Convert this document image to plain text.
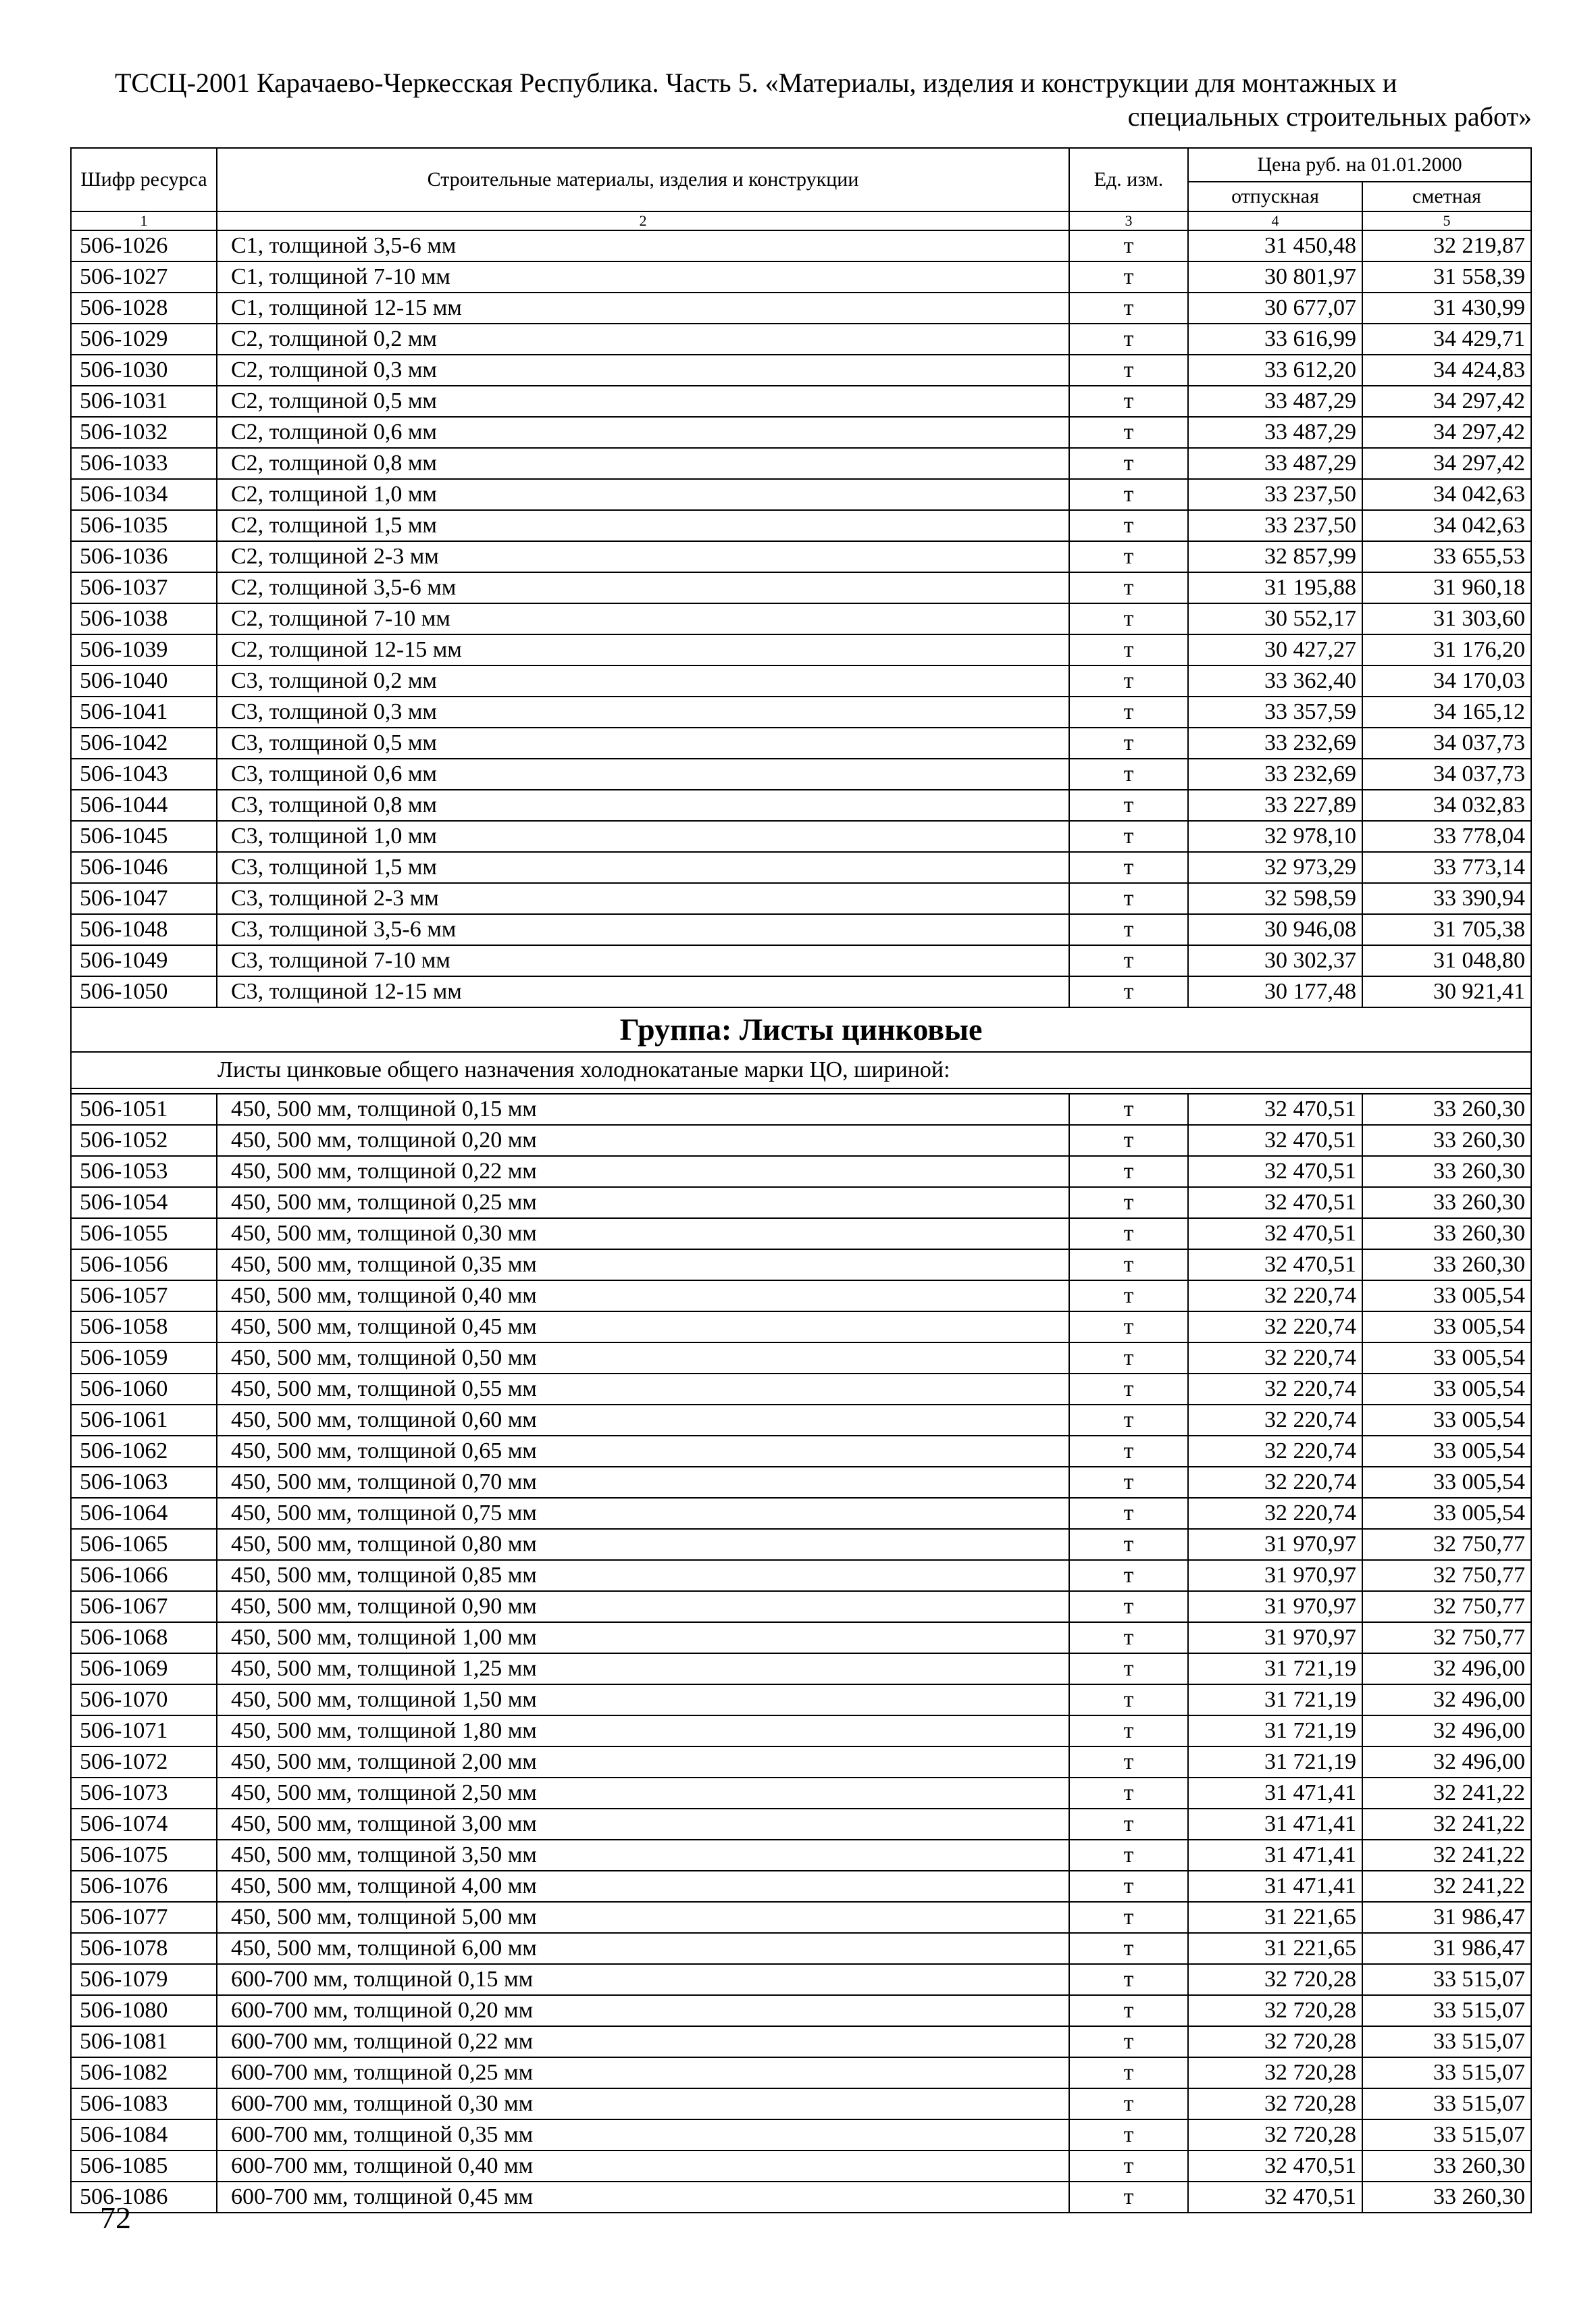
ТССЦ-2001 Карачаево-Черкесская Республика. Часть 5. «Материалы, изделия и конструкции для монтажных и
специальных строительных работ»
Шифр ресурса	Строительные материалы, изделия и конструкции	Ед. изм.	Цена руб. на 01.01.2000	
			отпускная	сметная
1	2	3	4	5
506-1026	С1, толщиной 3,5-6 мм	т	31 450,48	32 219,87
506-1027	С1, толщиной 7-10 мм	т	30 801,97	31 558,39
506-1028	С1, толщиной 12-15 мм	т	30 677,07	31 430,99
506-1029	С2, толщиной 0,2 мм	т	33 616,99	34 429,71
506-1030	С2, толщиной 0,3 мм	т	33 612,20	34 424,83
506-1031	С2, толщиной 0,5 мм	т	33 487,29	34 297,42
506-1032	С2, толщиной 0,6 мм	т	33 487,29	34 297,42
506-1033	С2, толщиной 0,8 мм	т	33 487,29	34 297,42
506-1034	С2, толщиной 1,0 мм	т	33 237,50	34 042,63
506-1035	С2, толщиной 1,5 мм	т	33 237,50	34 042,63
506-1036	С2, толщиной 2-3 мм	т	32 857,99	33 655,53
506-1037	С2, толщиной 3,5-6 мм	т	31 195,88	31 960,18
506-1038	С2, толщиной 7-10 мм	т	30 552,17	31 303,60
506-1039	С2, толщиной 12-15 мм	т	30 427,27	31 176,20
506-1040	С3, толщиной 0,2 мм	т	33 362,40	34 170,03
506-1041	С3, толщиной 0,3 мм	т	33 357,59	34 165,12
506-1042	С3, толщиной 0,5 мм	т	33 232,69	34 037,73
506-1043	С3, толщиной 0,6 мм	т	33 232,69	34 037,73
506-1044	С3, толщиной 0,8 мм	т	33 227,89	34 032,83
506-1045	С3, толщиной 1,0 мм	т	32 978,10	33 778,04
506-1046	С3, толщиной 1,5 мм	т	32 973,29	33 773,14
506-1047	С3, толщиной 2-3 мм	т	32 598,59	33 390,94
506-1048	С3, толщиной 3,5-6 мм	т	30 946,08	31 705,38
506-1049	С3, толщиной 7-10 мм	т	30 302,37	31 048,80
506-1050	С3, толщиной 12-15 мм	т	30 177,48	30 921,41
Группа: Листы цинковые				
Листы цинковые общего назначения холоднокатаные марки ЦО, шириной:				

506-1051	450, 500 мм, толщиной 0,15 мм	т	32 470,51	33 260,30
506-1052	450, 500 мм, толщиной 0,20 мм	т	32 470,51	33 260,30
506-1053	450, 500 мм, толщиной 0,22 мм	т	32 470,51	33 260,30
506-1054	450, 500 мм, толщиной 0,25 мм	т	32 470,51	33 260,30
506-1055	450, 500 мм, толщиной 0,30 мм	т	32 470,51	33 260,30
506-1056	450, 500 мм, толщиной 0,35 мм	т	32 470,51	33 260,30
506-1057	450, 500 мм, толщиной 0,40 мм	т	32 220,74	33 005,54
506-1058	450, 500 мм, толщиной 0,45 мм	т	32 220,74	33 005,54
506-1059	450, 500 мм, толщиной 0,50 мм	т	32 220,74	33 005,54
506-1060	450, 500 мм, толщиной 0,55 мм	т	32 220,74	33 005,54
506-1061	450, 500 мм, толщиной 0,60 мм	т	32 220,74	33 005,54
506-1062	450, 500 мм, толщиной 0,65 мм	т	32 220,74	33 005,54
506-1063	450, 500 мм, толщиной 0,70 мм	т	32 220,74	33 005,54
506-1064	450, 500 мм, толщиной 0,75 мм	т	32 220,74	33 005,54
506-1065	450, 500 мм, толщиной 0,80 мм	т	31 970,97	32 750,77
506-1066	450, 500 мм, толщиной 0,85 мм	т	31 970,97	32 750,77
506-1067	450, 500 мм, толщиной 0,90 мм	т	31 970,97	32 750,77
506-1068	450, 500 мм, толщиной 1,00 мм	т	31 970,97	32 750,77
506-1069	450, 500 мм, толщиной 1,25 мм	т	31 721,19	32 496,00
506-1070	450, 500 мм, толщиной 1,50 мм	т	31 721,19	32 496,00
506-1071	450, 500 мм, толщиной 1,80 мм	т	31 721,19	32 496,00
506-1072	450, 500 мм, толщиной 2,00 мм	т	31 721,19	32 496,00
506-1073	450, 500 мм, толщиной 2,50 мм	т	31 471,41	32 241,22
506-1074	450, 500 мм, толщиной 3,00 мм	т	31 471,41	32 241,22
506-1075	450, 500 мм, толщиной 3,50 мм	т	31 471,41	32 241,22
506-1076	450, 500 мм, толщиной 4,00 мм	т	31 471,41	32 241,22
506-1077	450, 500 мм, толщиной 5,00 мм	т	31 221,65	31 986,47
506-1078	450, 500 мм, толщиной 6,00 мм	т	31 221,65	31 986,47
506-1079	600-700 мм, толщиной 0,15 мм	т	32 720,28	33 515,07
506-1080	600-700 мм, толщиной 0,20 мм	т	32 720,28	33 515,07
506-1081	600-700 мм, толщиной 0,22 мм	т	32 720,28	33 515,07
506-1082	600-700 мм, толщиной 0,25 мм	т	32 720,28	33 515,07
506-1083	600-700 мм, толщиной 0,30 мм	т	32 720,28	33 515,07
506-1084	600-700 мм, толщиной 0,35 мм	т	32 720,28	33 515,07
506-1085	600-700 мм, толщиной 0,40 мм	т	32 470,51	33 260,30
506-1086	600-700 мм, толщиной 0,45 мм	т	32 470,51	33 260,30
72
